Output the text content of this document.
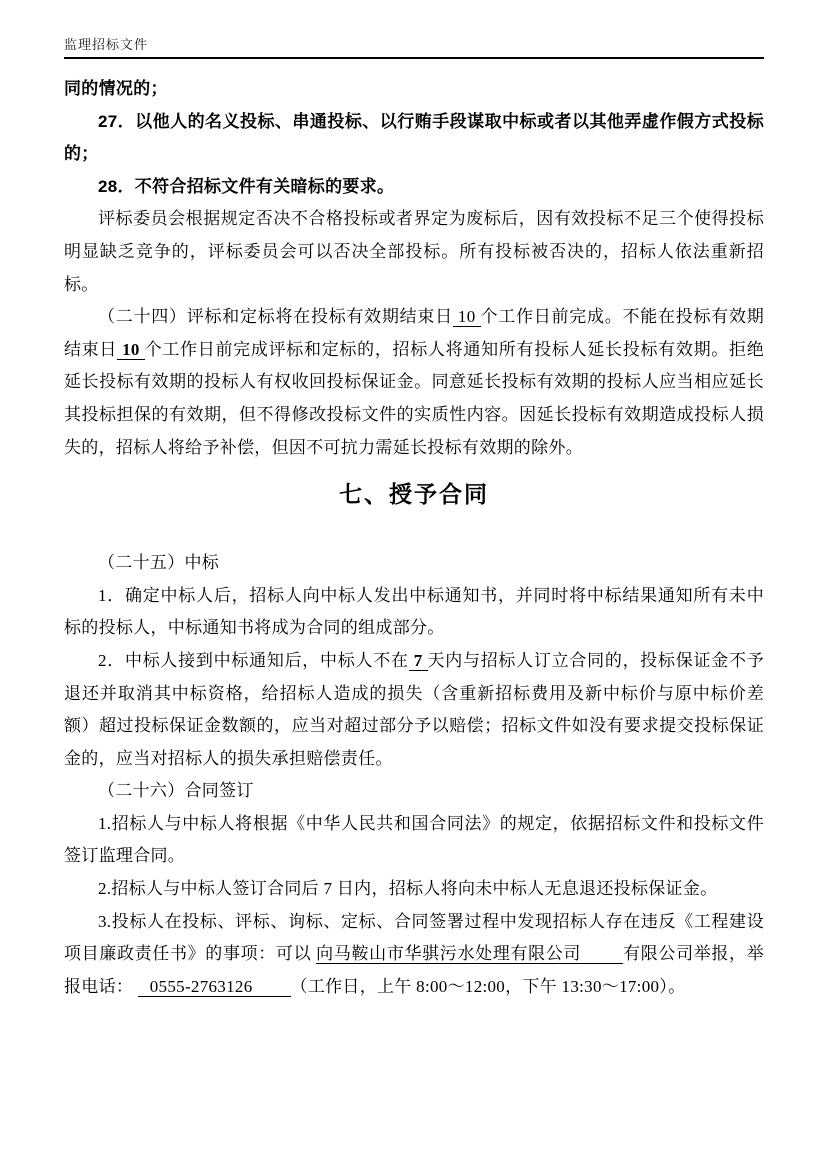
监理招标文件

同的情况的；

27．以他人的名义投标、串通投标、以行贿手段谋取中标或者以其他弄虚作假方式投标的；

28．不符合招标文件有关暗标的要求。

评标委员会根据规定否决不合格投标或者界定为废标后，因有效投标不足三个使得投标明显缺乏竞争的，评标委员会可以否决全部投标。所有投标被否决的，招标人依法重新招标。

（二十四）评标和定标将在投标有效期结束日 10 个工作日前完成。不能在投标有效期结束日 10 个工作日前完成评标和定标的，招标人将通知所有投标人延长投标有效期。拒绝延长投标有效期的投标人有权收回投标保证金。同意延长投标有效期的投标人应当相应延长其投标担保的有效期，但不得修改投标文件的实质性内容。因延长投标有效期造成投标人损失的，招标人将给予补偿，但因不可抗力需延长投标有效期的除外。

七、授予合同

（二十五）中标

1．确定中标人后，招标人向中标人发出中标通知书，并同时将中标结果通知所有未中标的投标人，中标通知书将成为合同的组成部分。

2．中标人接到中标通知后，中标人不在 7 天内与招标人订立合同的，投标保证金不予退还并取消其中标资格，给招标人造成的损失（含重新招标费用及新中标价与原中标价差额）超过投标保证金数额的，应当对超过部分予以赔偿；招标文件如没有要求提交投标保证金的，应当对招标人的损失承担赔偿责任。

（二十六）合同签订

1.招标人与中标人将根据《中华人民共和国合同法》的规定，依据招标文件和投标文件签订监理合同。

2.招标人与中标人签订合同后 7 日内，招标人将向未中标人无息退还投标保证金。

3.投标人在投标、评标、询标、定标、合同签署过程中发现招标人存在违反《工程建设项目廉政责任书》的事项：可以 向马鞍山市华骐污水处理有限公司 有限公司举报，举报电话： 0555-2763126 （工作日，上午 8:00～12:00，下午 13:30～17:00）。
